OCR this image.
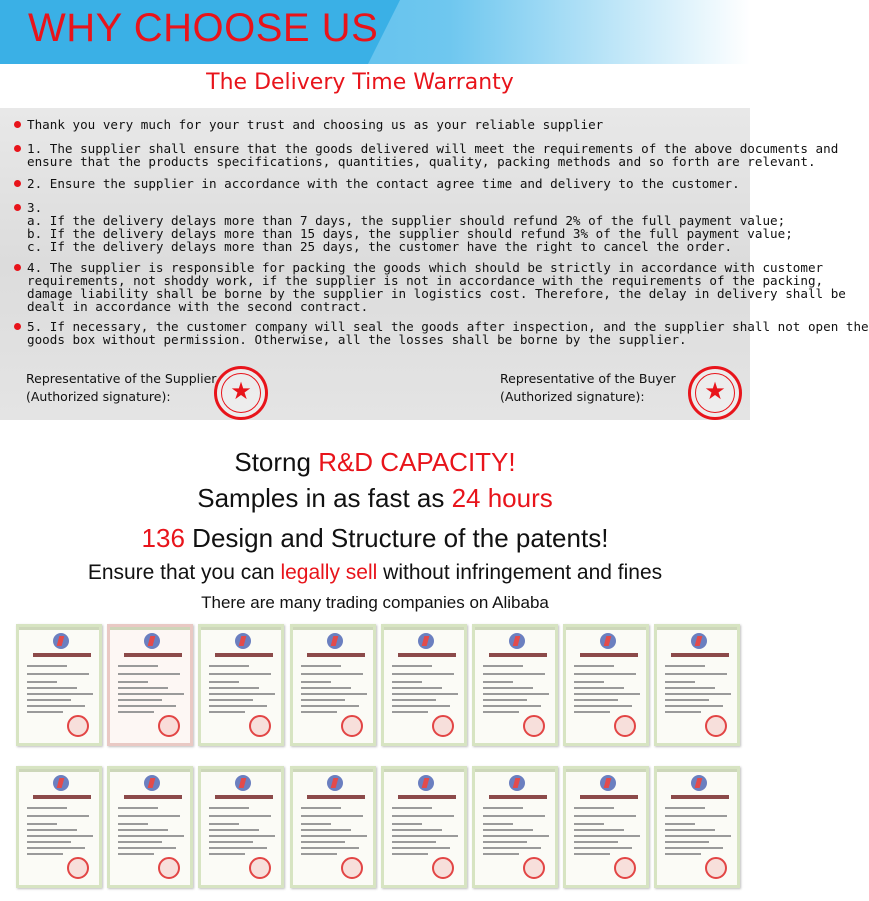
WHY CHOOSE US
The Delivery Time Warranty
Thank you very much for your trust and choosing us as your reliable supplier
1. The supplier shall ensure that the goods delivered will meet the requirements of the above documents and
ensure that the products specifications, quantities, quality, packing methods and so forth are relevant.
2. Ensure the supplier in accordance with the contact agree time and delivery to the customer.
3.
a. If the delivery delays more than 7 days, the supplier should refund 2% of the full payment value;
b. If the delivery delays more than 15 days, the supplier should refund 3% of the full payment value;
c. If the delivery delays more than 25 days, the customer have the right to cancel the order.
4. The supplier is responsible for packing the goods which should be strictly in accordance with customer
requirements, not shoddy work, if the supplier is not in accordance with the requirements of the packing,
damage liability shall be borne by the supplier in logistics cost. Therefore, the delay in delivery shall be
dealt in accordance with the second contract.
5. If necessary, the customer company will seal the goods after inspection, and the supplier shall not open the
goods box without permission. Otherwise, all the losses shall be borne by the supplier.
Representative of the Supplier
(Authorized signature):	★	Representative of the Buyer
(Authorized signature):	★
Storng R&D CAPACITY!
Samples in as fast as 24 hours
136 Design and Structure of the patents!
Ensure that you can legally sell without infringement and fines
There are many trading companies on Alibaba
